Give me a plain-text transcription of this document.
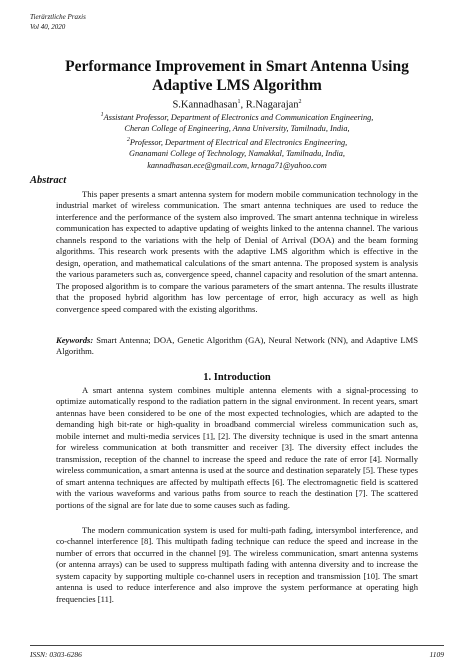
Tierärztliche Praxis
Vol 40, 2020
Performance Improvement in Smart Antenna Using
Adaptive LMS Algorithm
S.Kannadhasan$^1$, R.Nagarajan$^2$
$^1$Assistant Professor, Department of Electronics and Communication Engineering,
Cheran College of Engineering, Anna University, Tamilnadu, India,
$^2$Professor, Department of Electrical and Electronics Engineering,
Gnanamani College of Technology, Namakkal, Tamilnadu, India,
kannadhasan.ece@gmail.com, krnaga71@yahoo.com
Abstract

This paper presents a smart antenna system for modern mobile communication technology in the industrial market of wireless communication. The smart antenna techniques are used to reduce the interference and the performance of the system also improved. The smart antenna technique in wireless communication has expected to adaptive updating of weights linked to the antenna channel. The various channels respond to the variations with the help of Denial of Arrival (DOA) and the beam forming algorithms. This research work presents with the adaptive LMS algorithm which is effective in the design, operation, and mathematical calculations of the smart antenna. The proposed system is analysis the various parameters such as, convergence speed, channel capacity and resolution of the smart antenna. The proposed algorithm is to compare the various parameters of the smart antenna. The results illustrate that the proposed hybrid algorithm has low percentage of error, high accuracy as well as high convergence speed compared with the existing algorithms.

Keywords: Smart Antenna; DOA, Genetic Algorithm (GA), Neural Network (NN), and Adaptive LMS Algorithm.

1. Introduction

A smart antenna system combines multiple antenna elements with a signal-processing to optimize automatically respond to the radiation pattern in the signal environment. In recent years, smart antennas have been considered to be one of the most expected technologies, which are adapted to the demanding high bit-rate or high-quality in broadband commercial wireless communication such as, mobile internet and multi-media services [1], [2]. The diversity technique is used in the smart antenna for wireless communication at both transmitter and receiver [3]. The diversity effect includes the transmission, reception of the channel to increase the speed and reduce the rate of error [4]. Normally wireless communication, a smart antenna is used at the source and destination separately [5]. These types of smart antenna techniques are affected by multipath effects [6]. The electromagnetic field is scattered with the various waveforms and various paths from source to reach the destination [7]. The scattered portions of the signal are for late due to some causes such as fading.

The modern communication system is used for multi-path fading, intersymbol interference, and co-channel interference [8]. This multipath fading technique can reduce the speed and increase in the number of errors that occurred in the channel [9]. The wireless communication, smart antenna systems (or antenna arrays) can be used to suppress multipath fading with antenna diversity and to increase the system capacity by supporting multiple co-channel users in reception and transmission [10]. The smart antenna is used to reduce interference and also improve the system performance at operating high frequencies [11].

ISSN: 0303-6286	1109
